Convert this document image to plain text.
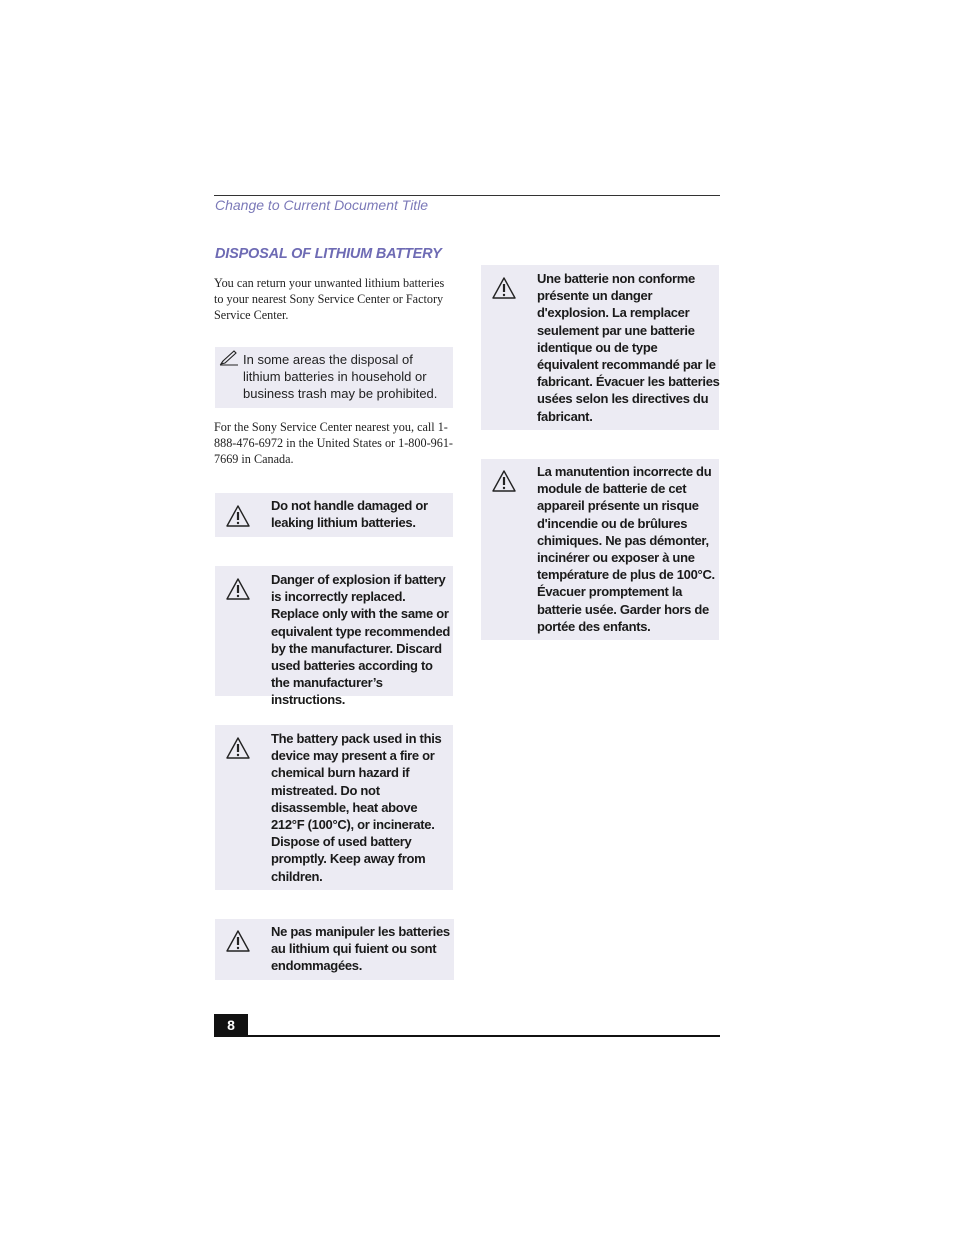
Change to Current Document Title
DISPOSAL OF LITHIUM BATTERY
You can return your unwanted lithium batteries to your nearest Sony Service Center or Factory Service Center.
In some areas the disposal of lithium batteries in household or business trash may be prohibited.
For the Sony Service Center nearest you, call 1-888-476-6972 in the United States or 1-800-961-7669 in Canada.
Do not handle damaged or leaking lithium batteries.
Danger of explosion if battery is incorrectly replaced. Replace only with the same or equivalent type recommended by the manufacturer. Discard used batteries according to the manufacturer’s instructions.
The battery pack used in this device may present a fire or chemical burn hazard if mistreated. Do not disassemble, heat above 212°F (100°C), or incinerate. Dispose of used battery promptly. Keep away from children.
Ne pas manipuler les batteries au lithium qui fuient ou sont endommagées.
Une batterie non conforme présente un danger d'explosion. La remplacer seulement par une batterie identique ou de type équivalent recommandé par le fabricant. Évacuer les batteries usées selon les directives du fabricant.
La manutention incorrecte du module de batterie de cet appareil présente un risque d'incendie ou de brûlures chimiques. Ne pas démonter, incinérer ou exposer à une température de plus de 100°C. Évacuer promptement la batterie usée. Garder hors de portée des enfants.
8
